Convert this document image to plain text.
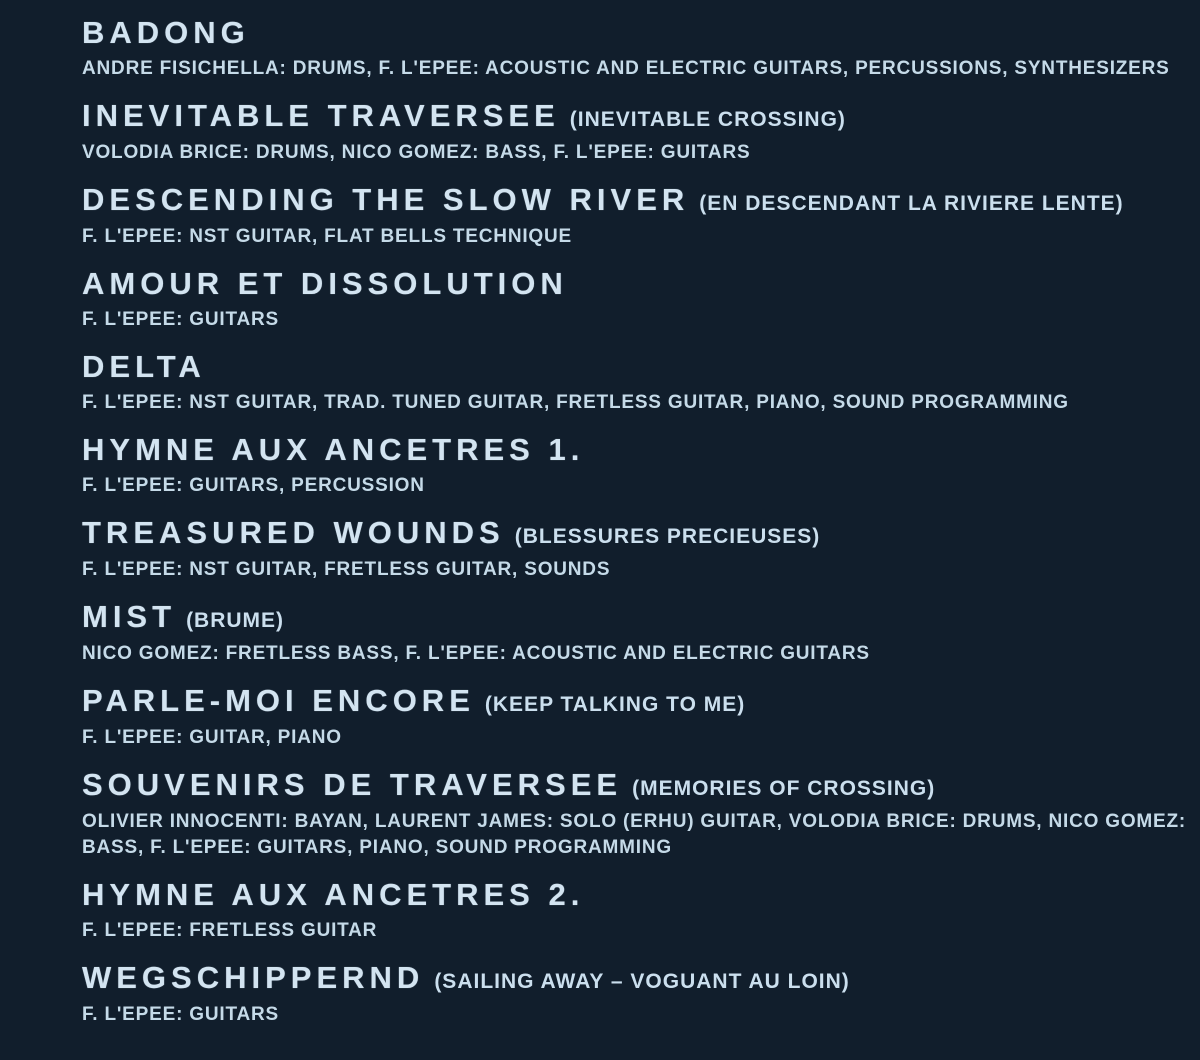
BADONG

ANDRE FISICHELLA: DRUMS, F. L'EPEE: ACOUSTIC AND ELECTRIC GUITARS, PERCUSSIONS, SYNTHESIZERS

INEVITABLE TRAVERSEE (INEVITABLE CROSSING)

VOLODIA BRICE: DRUMS, NICO GOMEZ: BASS, F. L'EPEE: GUITARS

DESCENDING THE SLOW RIVER (EN DESCENDANT LA RIVIERE LENTE)

F. L'EPEE: NST GUITAR, FLAT BELLS TECHNIQUE

AMOUR ET DISSOLUTION

F. L'EPEE: GUITARS

DELTA

F. L'EPEE: NST GUITAR, TRAD. TUNED GUITAR, FRETLESS GUITAR, PIANO, SOUND PROGRAMMING

HYMNE AUX ANCETRES 1.

F. L'EPEE: GUITARS, PERCUSSION

TREASURED WOUNDS (BLESSURES PRECIEUSES)

F. L'EPEE: NST GUITAR, FRETLESS GUITAR, SOUNDS

MIST (BRUME)

NICO GOMEZ: FRETLESS BASS, F. L'EPEE: ACOUSTIC AND ELECTRIC GUITARS

PARLE-MOI ENCORE (KEEP TALKING TO ME)

F. L'EPEE: GUITAR, PIANO

SOUVENIRS DE TRAVERSEE (MEMORIES OF CROSSING)

OLIVIER INNOCENTI: BAYAN, LAURENT JAMES: SOLO (ERHU) GUITAR, VOLODIA BRICE: DRUMS, NICO GOMEZ: BASS, F. L'EPEE: GUITARS, PIANO, SOUND PROGRAMMING

HYMNE AUX ANCETRES 2.

F. L'EPEE: FRETLESS GUITAR

WEGSCHIPPERND (SAILING AWAY – VOGUANT AU LOIN)

F. L'EPEE: GUITARS
